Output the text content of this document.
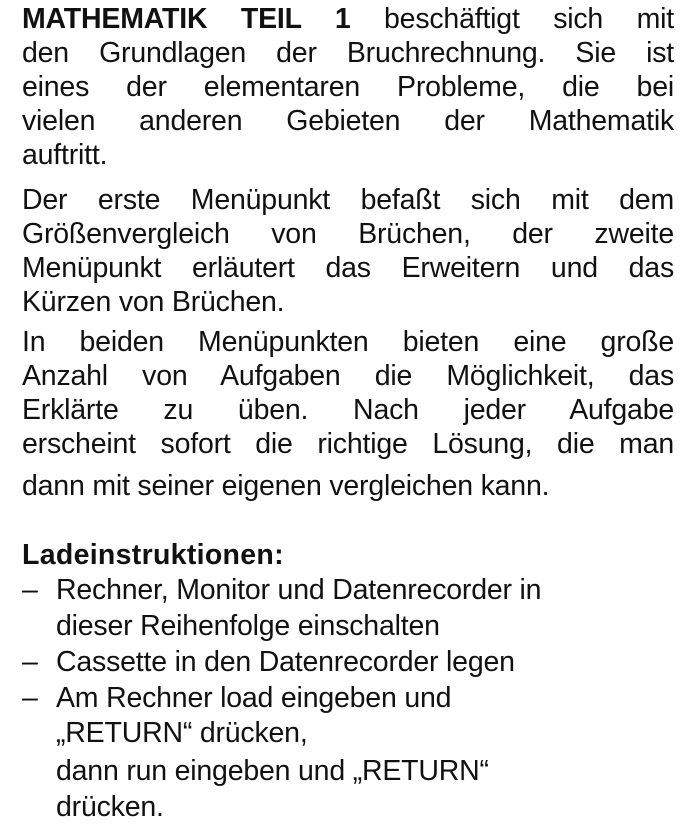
MATHEMATIK TEIL 1 beschäftigt sich mit
den Grundlagen der Bruchrechnung. Sie ist
eines der elementaren Probleme, die bei
vielen anderen Gebieten der Mathematik
auftritt.
Der erste Menüpunkt befaßt sich mit dem
Größenvergleich von Brüchen, der zweite
Menüpunkt erläutert das Erweitern und das
Kürzen von Brüchen.
In beiden Menüpunkten bieten eine große
Anzahl von Aufgaben die Möglichkeit, das
Erklärte zu üben. Nach jeder Aufgabe
erscheint sofort die richtige Lösung, die man
dann mit seiner eigenen vergleichen kann.
Ladeinstruktionen:
– Rechner, Monitor und Datenrecorder in
dieser Reihenfolge einschalten
– Cassette in den Datenrecorder legen
– Am Rechner load eingeben und
„RETURN“ drücken,
dann run eingeben und „RETURN“
drücken.
